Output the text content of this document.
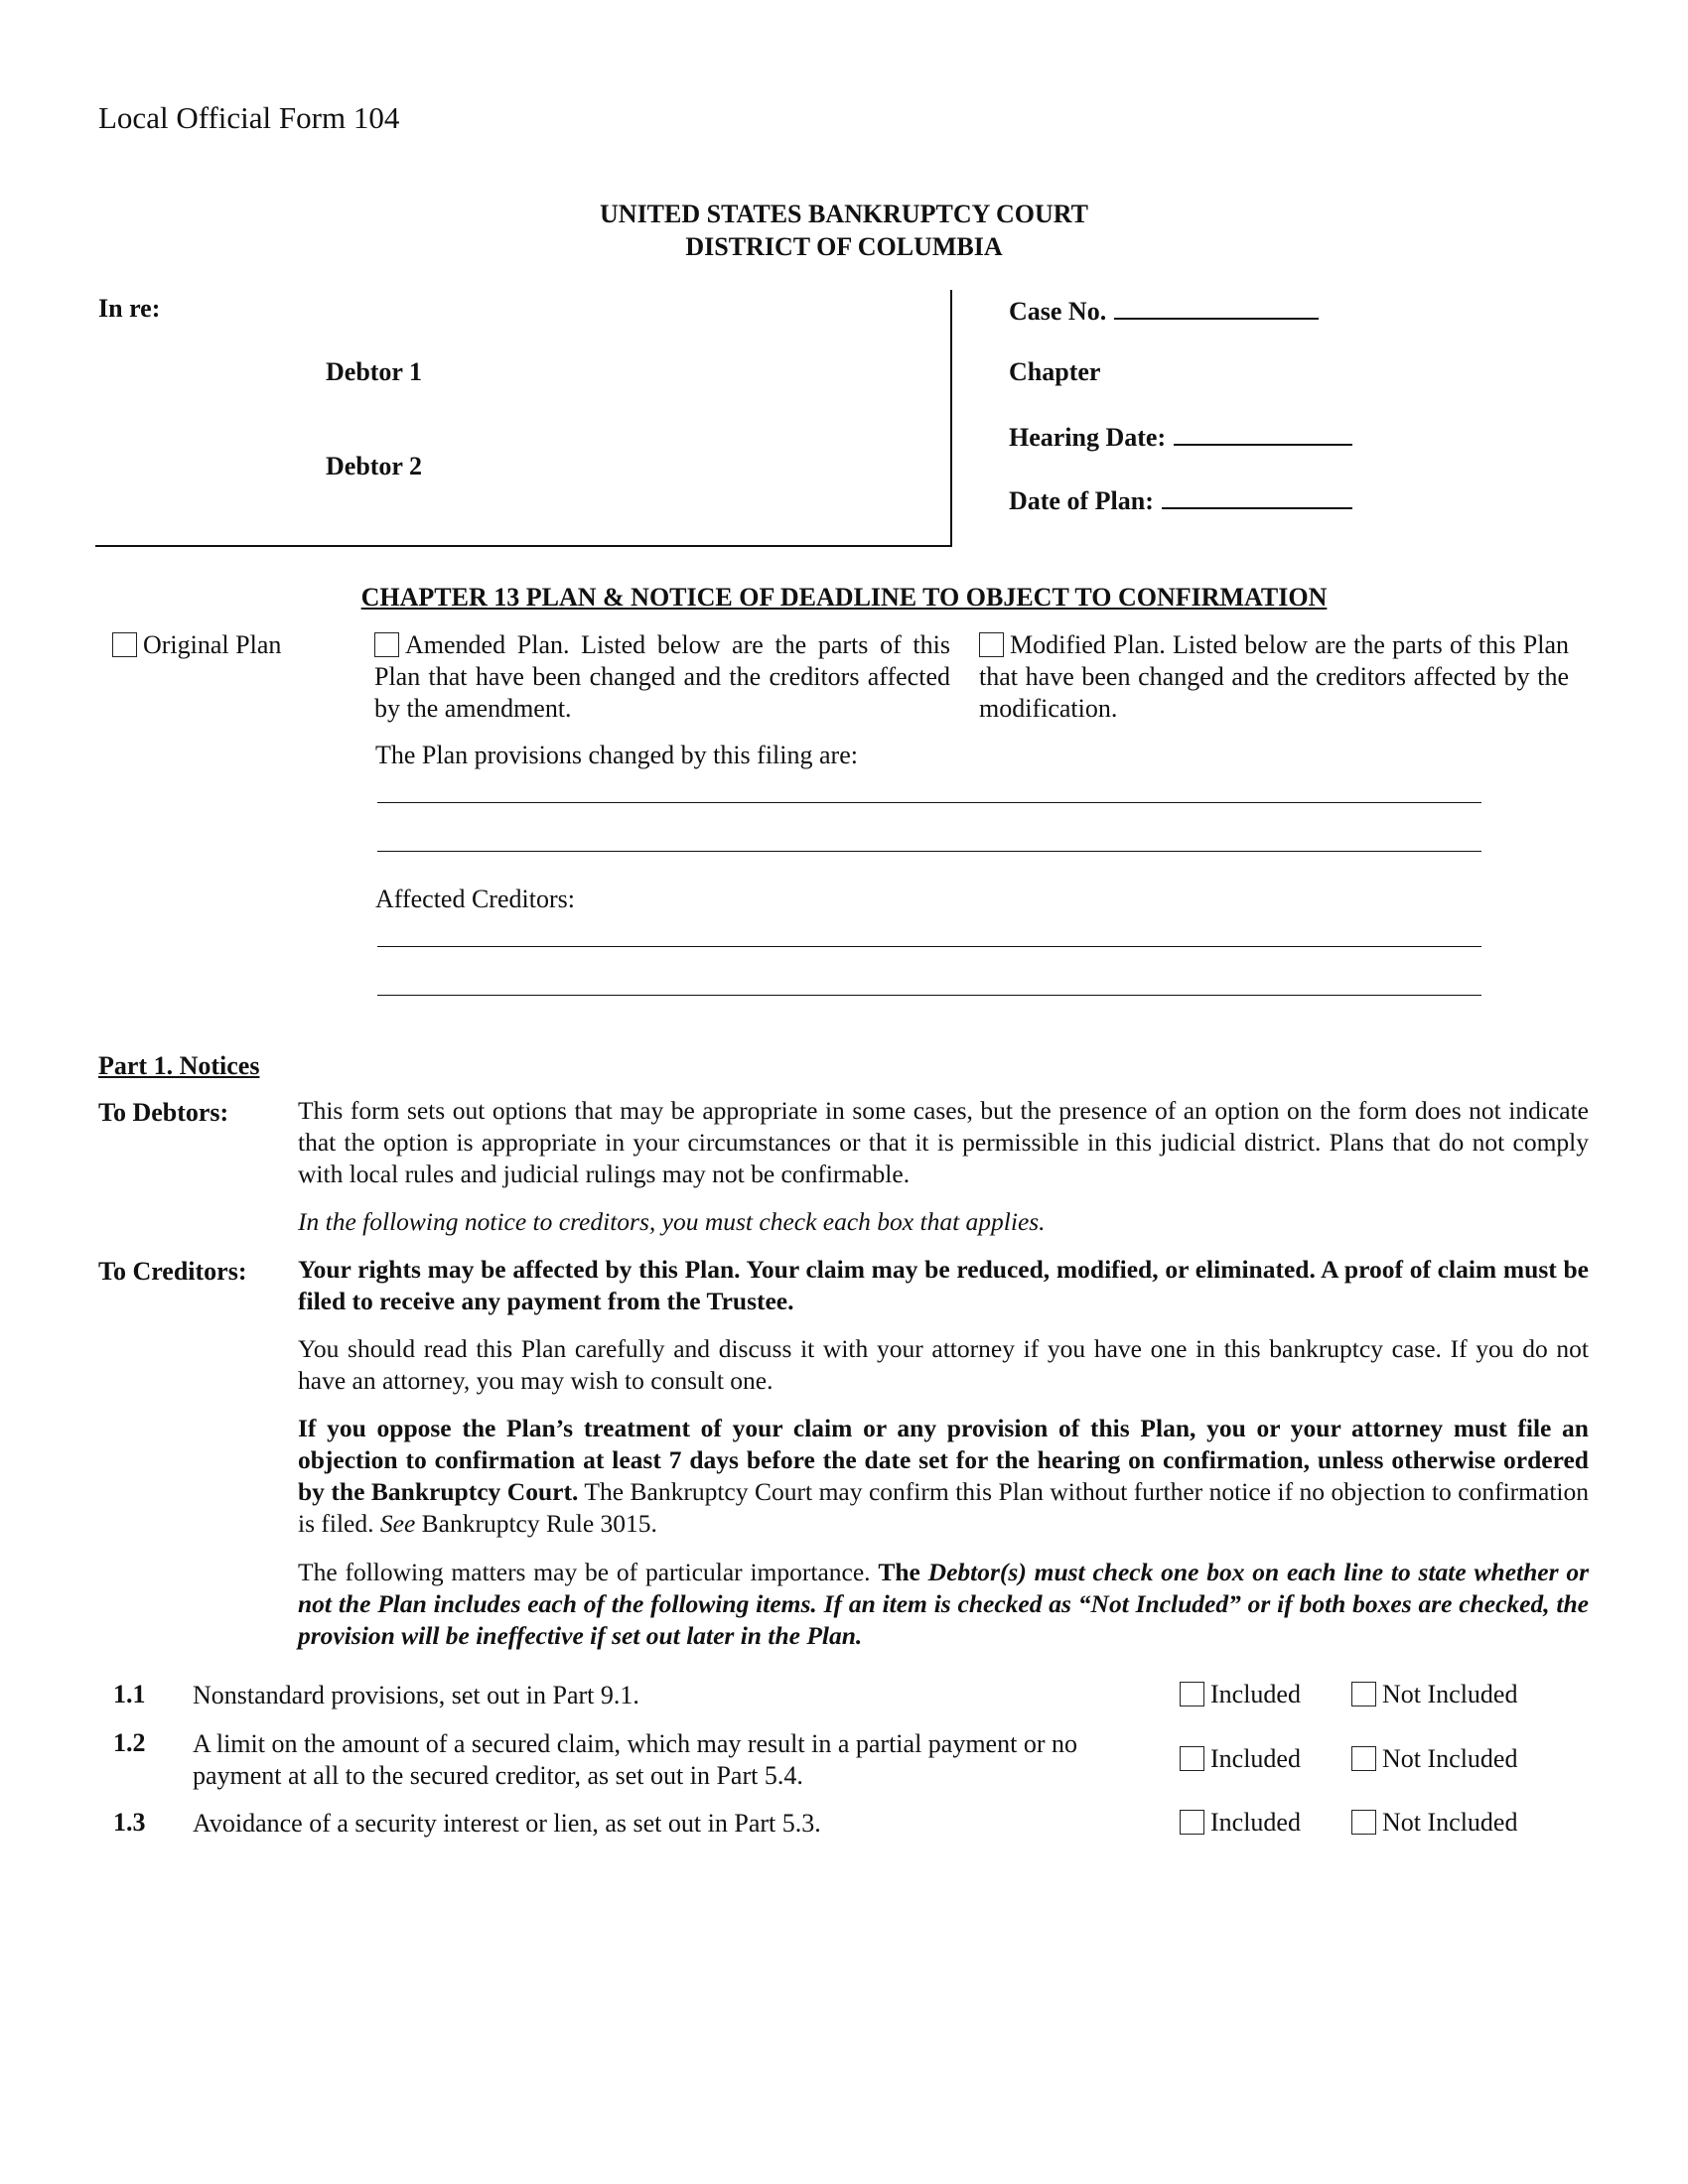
Local Official Form 104
UNITED STATES BANKRUPTCY COURT
DISTRICT OF COLUMBIA
In re:
Debtor 1
Debtor 2
Case No.
Chapter
Hearing Date:
Date of Plan:
CHAPTER 13 PLAN & NOTICE OF DEADLINE TO OBJECT TO CONFIRMATION
Original Plan	Amended Plan. Listed below are the parts of this Plan that have been changed and the creditors affected by the amendment.
Modified Plan. Listed below are the parts of this Plan that have been changed and the creditors affected by the modification.
The Plan provisions changed by this filing are:
Affected Creditors:
Part 1. Notices
To Debtors:	This form sets out options that may be appropriate in some cases, but the presence of an option on the form does not indicate that the option is appropriate in your circumstances or that it is permissible in this judicial district. Plans that do not comply with local rules and judicial rulings may not be confirmable.
In the following notice to creditors, you must check each box that applies.
To Creditors: Your rights may be affected by this Plan. Your claim may be reduced, modified, or eliminated. A proof of claim must be filed to receive any payment from the Trustee.
You should read this Plan carefully and discuss it with your attorney if you have one in this bankruptcy case. If you do not have an attorney, you may wish to consult one.
If you oppose the Plan’s treatment of your claim or any provision of this Plan, you or your attorney must file an objection to confirmation at least 7 days before the date set for the hearing on confirmation, unless otherwise ordered by the Bankruptcy Court. The Bankruptcy Court may confirm this Plan without further notice if no objection to confirmation is filed. See Bankruptcy Rule 3015.
The following matters may be of particular importance. The Debtor(s) must check one box on each line to state whether or not the Plan includes each of the following items. If an item is checked as “Not Included” or if both boxes are checked, the provision will be ineffective if set out later in the Plan.
1.1 Nonstandard provisions, set out in Part 9.1.	Included	Not Included
1.2 A limit on the amount of a secured claim, which may result in a partial payment or no payment at all to the secured creditor, as set out in Part 5.4.
Included	Not Included
1.3 Avoidance of a security interest or lien, as set out in Part 5.3.	Included	Not Included
